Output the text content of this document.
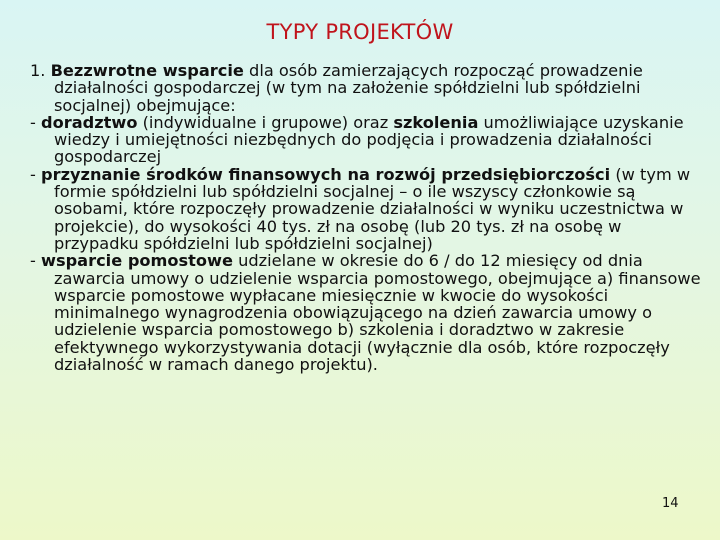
TYPY PROJEKTÓW
1. Bezzwrotne wsparcie dla osób zamierzających rozpocząć prowadzenie działalności gospodarczej (w tym na założenie spółdzielni lub spółdzielni socjalnej) obejmujące:
- doradztwo (indywidualne i grupowe) oraz szkolenia umożliwiające uzyskanie wiedzy i umiejętności niezbędnych do podjęcia i prowadzenia działalności gospodarczej
- przyznanie środków finansowych na rozwój przedsiębiorczości (w tym w formie spółdzielni lub spółdzielni socjalnej – o ile wszyscy członkowie są osobami, które rozpoczęły prowadzenie działalności w wyniku uczestnictwa w projekcie), do wysokości 40 tys. zł na osobę (lub 20 tys. zł na osobę w przypadku spółdzielni lub spółdzielni socjalnej)
- wsparcie pomostowe udzielane w okresie do 6 / do 12 miesięcy od dnia zawarcia umowy o udzielenie wsparcia pomostowego, obejmujące a) finansowe wsparcie pomostowe wypłacane miesięcznie w kwocie do wysokości minimalnego wynagrodzenia obowiązującego na dzień zawarcia umowy o udzielenie wsparcia pomostowego b) szkolenia i doradztwo w zakresie efektywnego wykorzystywania dotacji (wyłącznie dla osób, które rozpoczęły działalność w ramach danego projektu).
14
